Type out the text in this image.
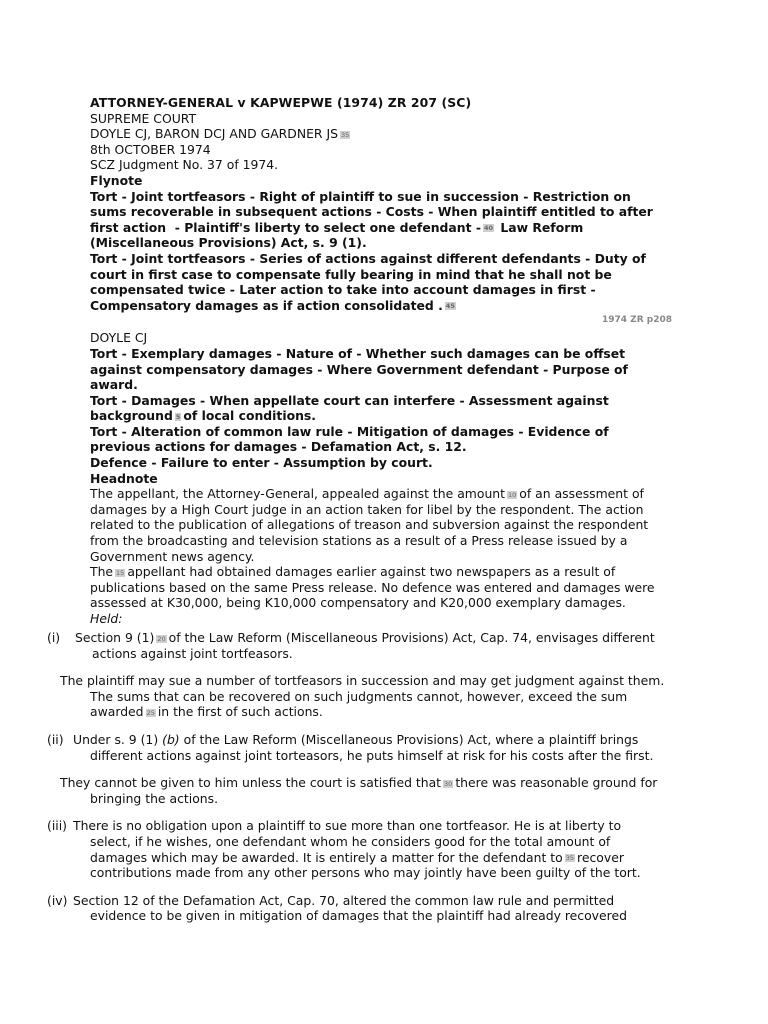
ATTORNEY-GENERAL v KAPWEPWE (1974) ZR 207 (SC)

SUPREME COURT

DOYLE CJ, BARON DCJ AND GARDNER JS 35

8th OCTOBER 1974

SCZ Judgment No. 37 of 1974.

Flynote

Tort - Joint tortfeasors - Right of plaintiff to sue in succession - Restriction on

sums recoverable in subsequent actions - Costs - When plaintiff entitled to after

first action  - Plaintiff's liberty to select one defendant - 40 Law Reform

(Miscellaneous Provisions) Act, s. 9 (1).

Tort - Joint tortfeasors - Series of actions against different defendants - Duty of

court in first case to compensate fully bearing in mind that he shall not be

compensated twice - Later action to take into account damages in first -

Compensatory damages as if action consolidated . 45

1974 ZR p208

DOYLE CJ

Tort - Exemplary damages - Nature of - Whether such damages can be offset

against compensatory damages - Where Government defendant - Purpose of

award.

Tort - Damages - When appellate court can interfere - Assessment against

background 5 of local conditions.

Tort - Alteration of common law rule - Mitigation of damages - Evidence of

previous actions for damages - Defamation Act, s. 12.

Defence - Failure to enter - Assumption by court.

Headnote

The appellant, the Attorney-General, appealed against the amount 10 of an assessment of

damages by a High Court judge in an action taken for libel by the respondent. The action

related to the publication of allegations of treason and subversion against the respondent

from the broadcasting and television stations as a result of a Press release issued by a

Government news agency.

The 15 appellant had obtained damages earlier against two newspapers as a result of

publications based on the same Press release. No defence was entered and damages were

assessed at K30,000, being K10,000 compensatory and K20,000 exemplary damages.

Held:

(i) Section 9 (1) 20 of the Law Reform (Miscellaneous Provisions) Act, Cap. 74, envisages different

actions against joint tortfeasors.

The plaintiff may sue a number of tortfeasors in succession and may get judgment against them.

The sums that can be recovered on such judgments cannot, however, exceed the sum

awarded 25 in the first of such actions.

(ii) Under s. 9 (1) (b) of the Law Reform (Miscellaneous Provisions) Act, where a plaintiff brings

different actions against joint torteasors, he puts himself at risk for his costs after the first.

They cannot be given to him unless the court is satisfied that 30 there was reasonable ground for

bringing the actions.

(iii) There is no obligation upon a plaintiff to sue more than one tortfeasor. He is at liberty to

select, if he wishes, one defendant whom he considers good for the total amount of

damages which may be awarded. It is entirely a matter for the defendant to 35 recover

contributions made from any other persons who may jointly have been guilty of the tort.

(iv) Section 12 of the Defamation Act, Cap. 70, altered the common law rule and permitted

evidence to be given in mitigation of damages that the plaintiff had already recovered
